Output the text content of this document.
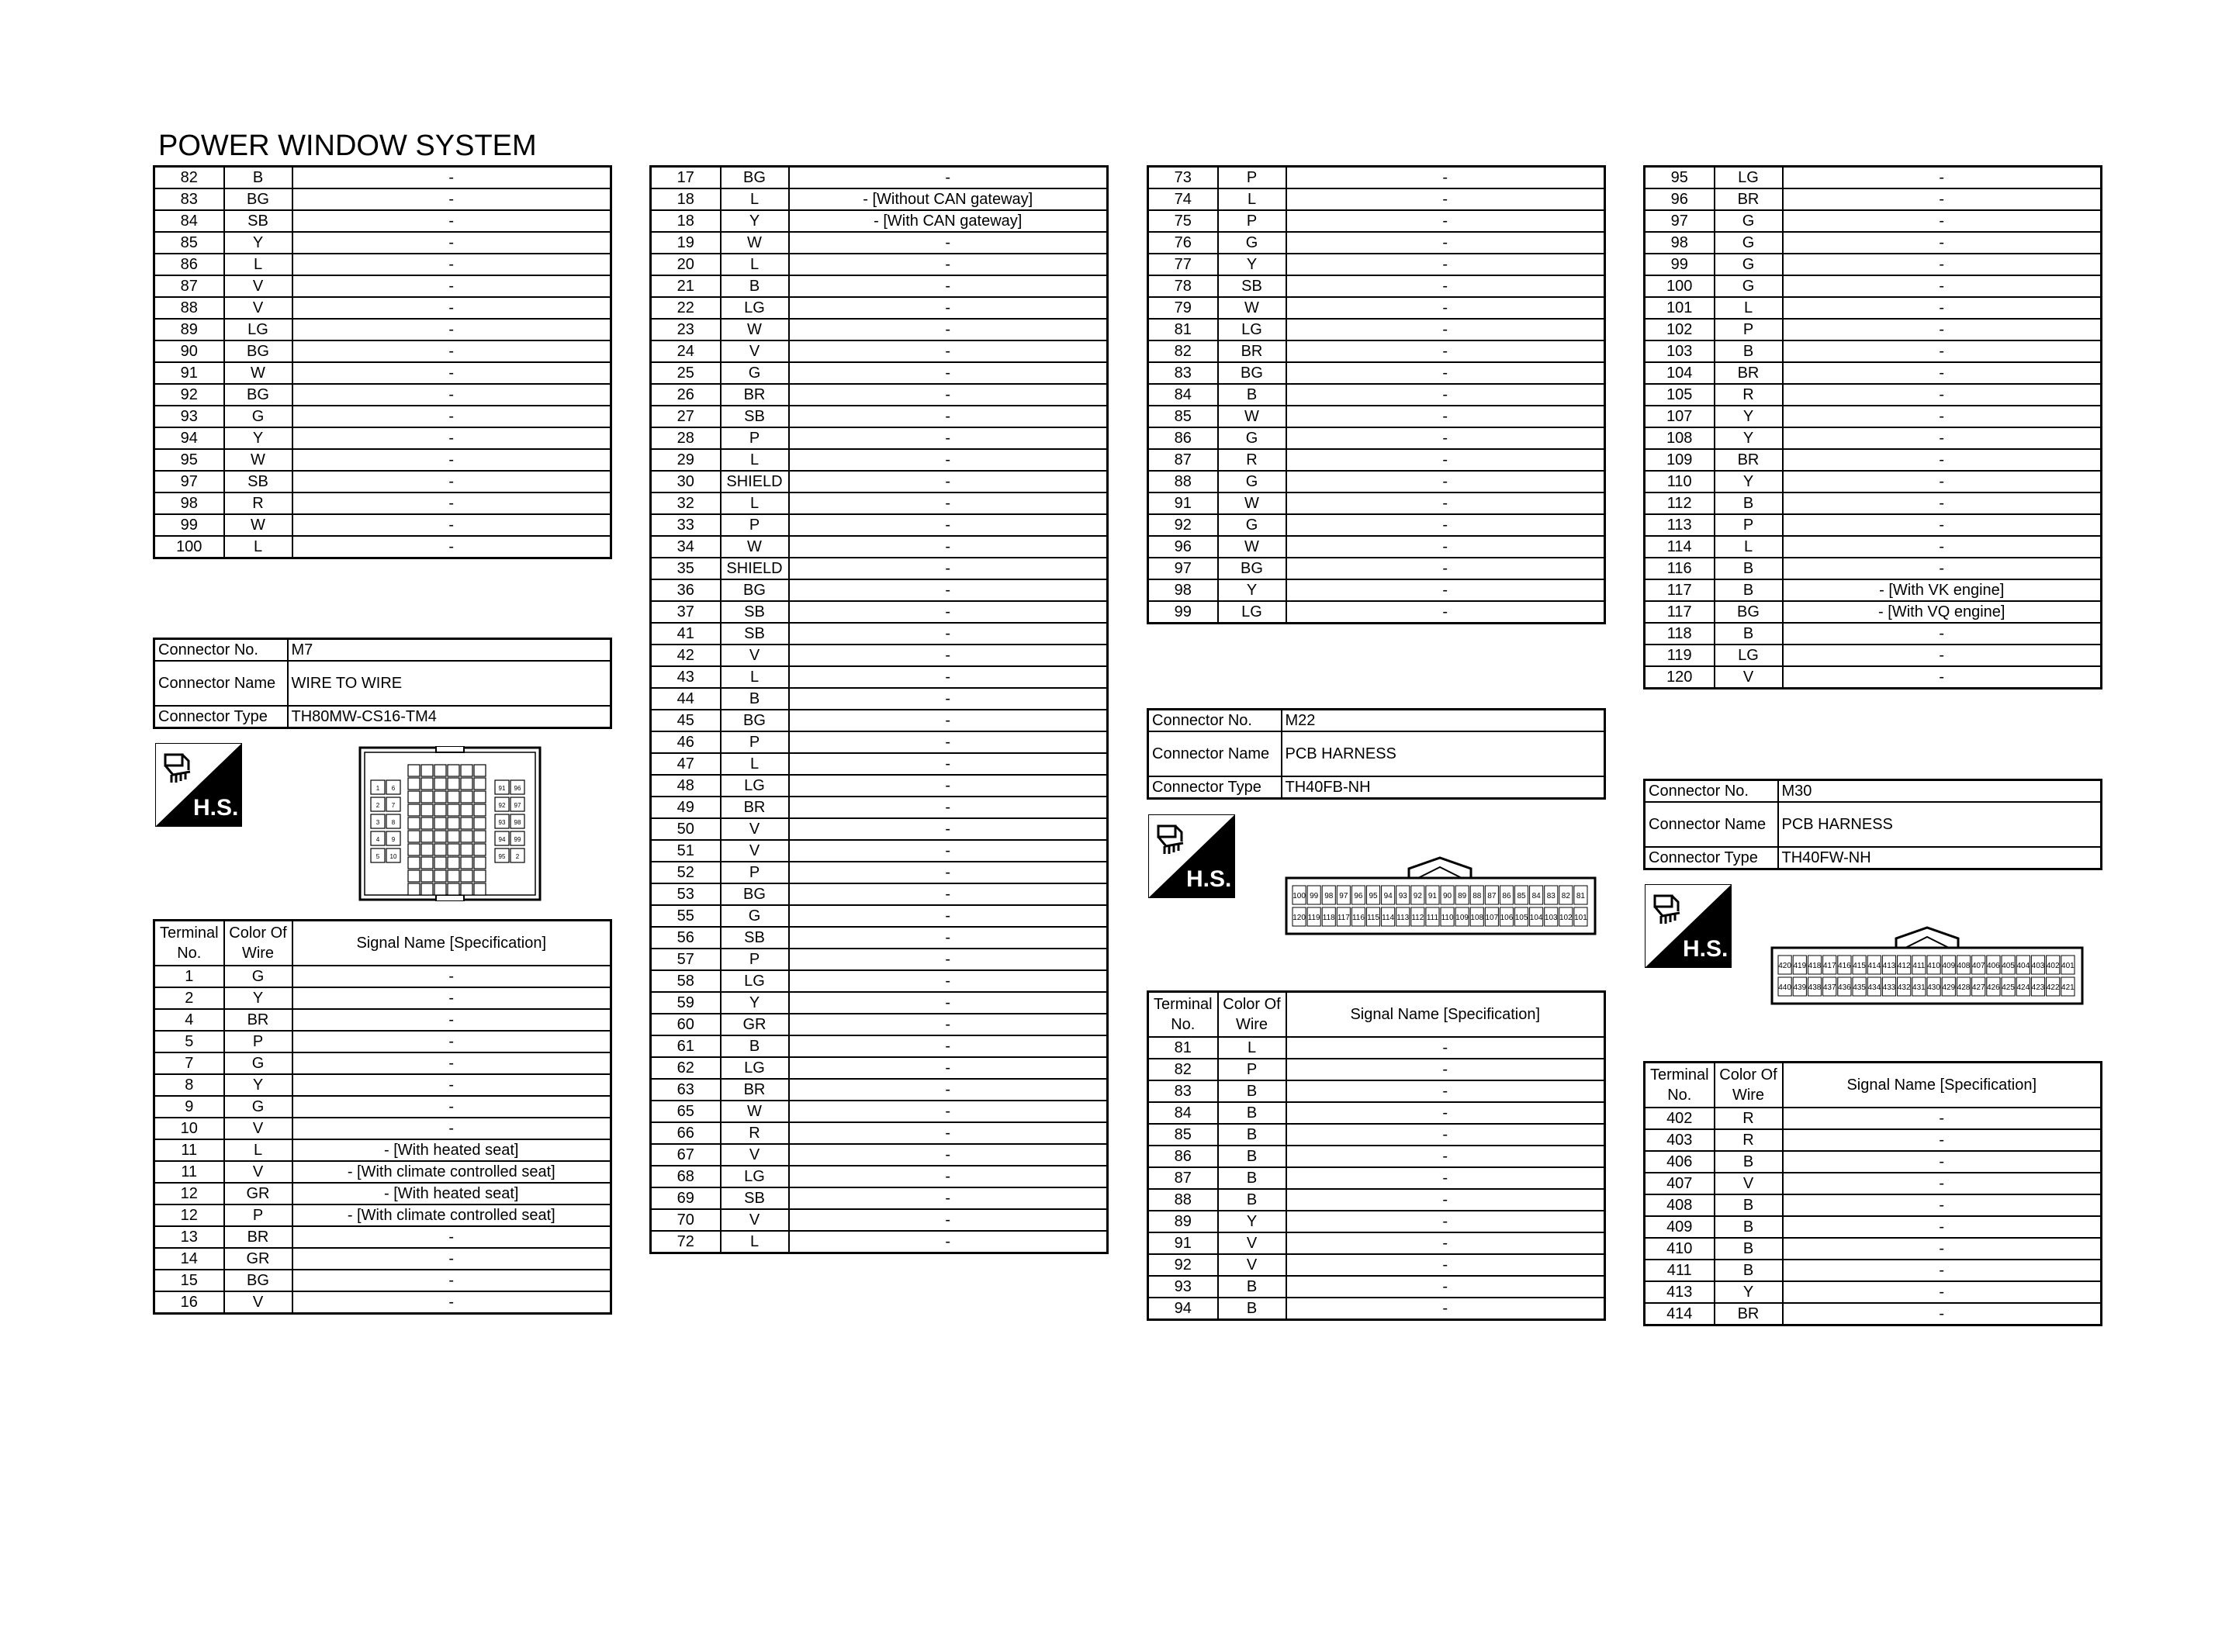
POWER WINDOW SYSTEM
82	B	-
83	BG	-
84	SB	-
85	Y	-
86	L	-
87	V	-
88	V	-
89	LG	-
90	BG	-
91	W	-
92	BG	-
93	G	-
94	Y	-
95	W	-
97	SB	-
98	R	-
99	W	-
100	L	-
Connector No.	M7
Connector Name	WIRE TO WIRE
Connector Type	TH80MW-CS16-TM4
H.S.
1 6
2 7
3 8
4 9
5 10
91 96
92 97
93 98
94 99
95 2
Terminal No.	Color Of Wire	Signal Name [Specification]
1	G	-
2	Y	-
4	BR	-
5	P	-
7	G	-
8	Y	-
9	G	-
10	V	-
11	L	- [With heated seat]
11	V	- [With climate controlled seat]
12	GR	- [With heated seat]
12	P	- [With climate controlled seat]
13	BR	-
14	GR	-
15	BG	-
16	V	-
17	BG	-
18	L	- [Without CAN gateway]
18	Y	- [With CAN gateway]
19	W	-
20	L	-
21	B	-
22	LG	-
23	W	-
24	V	-
25	G	-
26	BR	-
27	SB	-
28	P	-
29	L	-
30	SHIELD	-
32	L	-
33	P	-
34	W	-
35	SHIELD	-
36	BG	-
37	SB	-
41	SB	-
42	V	-
43	L	-
44	B	-
45	BG	-
46	P	-
47	L	-
48	LG	-
49	BR	-
50	V	-
51	V	-
52	P	-
53	BG	-
55	G	-
56	SB	-
57	P	-
58	LG	-
59	Y	-
60	GR	-
61	B	-
62	LG	-
63	BR	-
65	W	-
66	R	-
67	V	-
68	LG	-
69	SB	-
70	V	-
72	L	-
73	P	-
74	L	-
75	P	-
76	G	-
77	Y	-
78	SB	-
79	W	-
81	LG	-
82	BR	-
83	BG	-
84	B	-
85	W	-
86	G	-
87	R	-
88	G	-
91	W	-
92	G	-
96	W	-
97	BG	-
98	Y	-
99	LG	-
Connector No.	M22
Connector Name	PCB HARNESS
Connector Type	TH40FB-NH
H.S.
100 99 98 97 96 95 94 93 92 91 90 89 88 87 86 85 84 83 82 81
120 119 118 117 116 115 114 113 112 111 110 109 108 107 106 105 104 103 102 101
Terminal No.	Color Of Wire	Signal Name [Specification]
81	L	-
82	P	-
83	B	-
84	B	-
85	B	-
86	B	-
87	B	-
88	B	-
89	Y	-
91	V	-
92	V	-
93	B	-
94	B	-
95	LG	-
96	BR	-
97	G	-
98	G	-
99	G	-
100	G	-
101	L	-
102	P	-
103	B	-
104	BR	-
105	R	-
107	Y	-
108	Y	-
109	BR	-
110	Y	-
112	B	-
113	P	-
114	L	-
116	B	-
117	B	- [With VK engine]
117	BG	- [With VQ engine]
118	B	-
119	LG	-
120	V	-
Connector No.	M30
Connector Name	PCB HARNESS
Connector Type	TH40FW-NH
H.S.
420 419 418 417 416 415 414 413 412 411 410 409 408 407 406 405 404 403 402 401
440 439 438 437 436 435 434 433 432 431 430 429 428 427 426 425 424 423 422 421
Terminal No.	Color Of Wire	Signal Name [Specification]
402	R	-
403	R	-
406	B	-
407	V	-
408	B	-
409	B	-
410	B	-
411	B	-
413	Y	-
414	BR	-
